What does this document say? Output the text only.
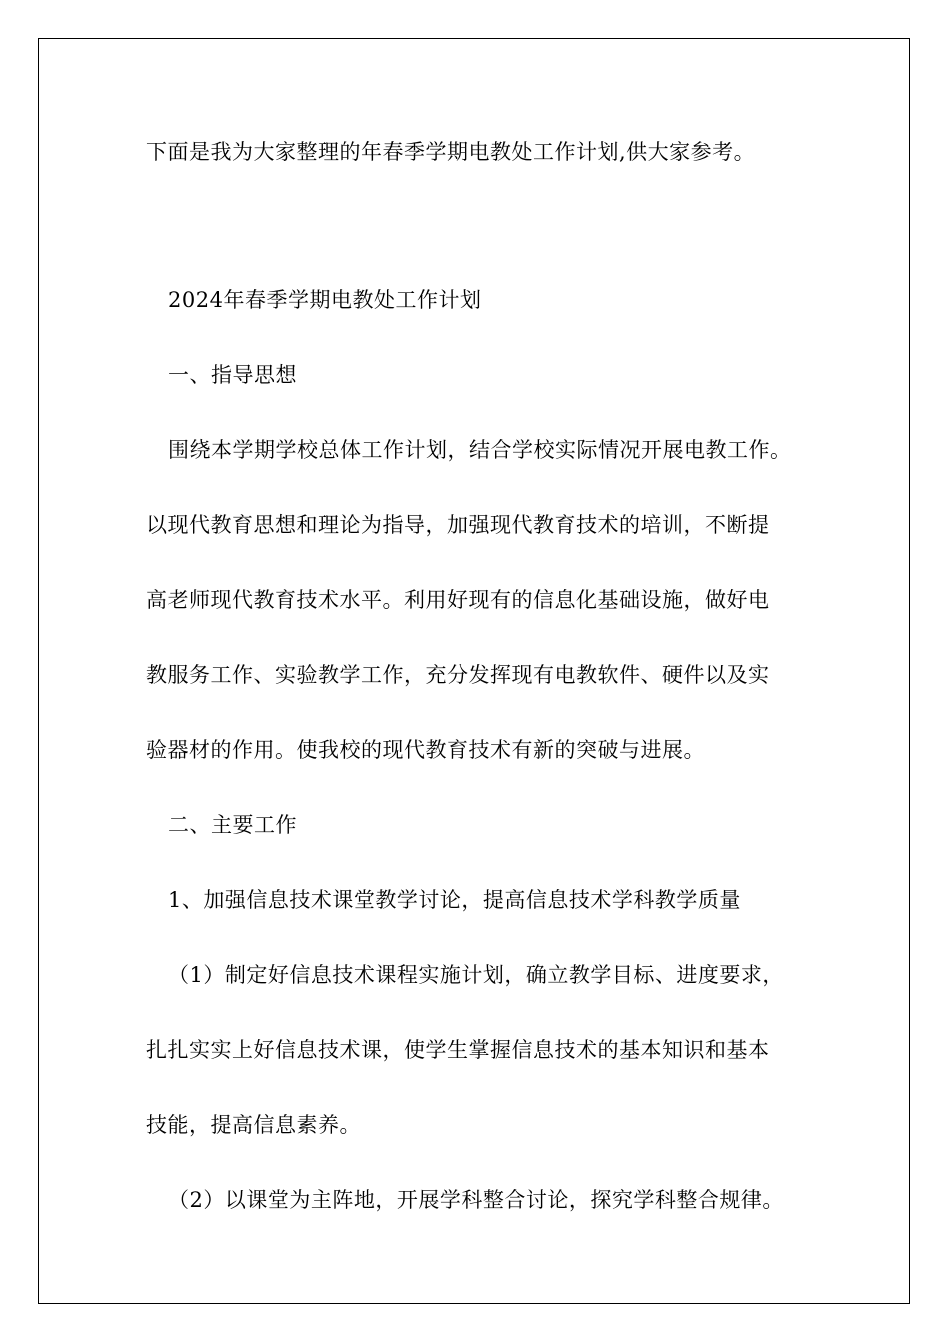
下面是我为大家整理的年春季学期电教处工作计划,供大家参考。
2024年春季学期电教处工作计划
一、指导思想
围绕本学期学校总体工作计划，结合学校实际情况开展电教工作。
以现代教育思想和理论为指导，加强现代教育技术的培训，不断提
高老师现代教育技术水平。利用好现有的信息化基础设施，做好电
教服务工作、实验教学工作，充分发挥现有电教软件、硬件以及实
验器材的作用。使我校的现代教育技术有新的突破与进展。
二、主要工作
1、加强信息技术课堂教学讨论，提高信息技术学科教学质量
（1）制定好信息技术课程实施计划，确立教学目标、进度要求，
扎扎实实上好信息技术课，使学生掌握信息技术的基本知识和基本
技能，提高信息素养。
（2）以课堂为主阵地，开展学科整合讨论，探究学科整合规律。
